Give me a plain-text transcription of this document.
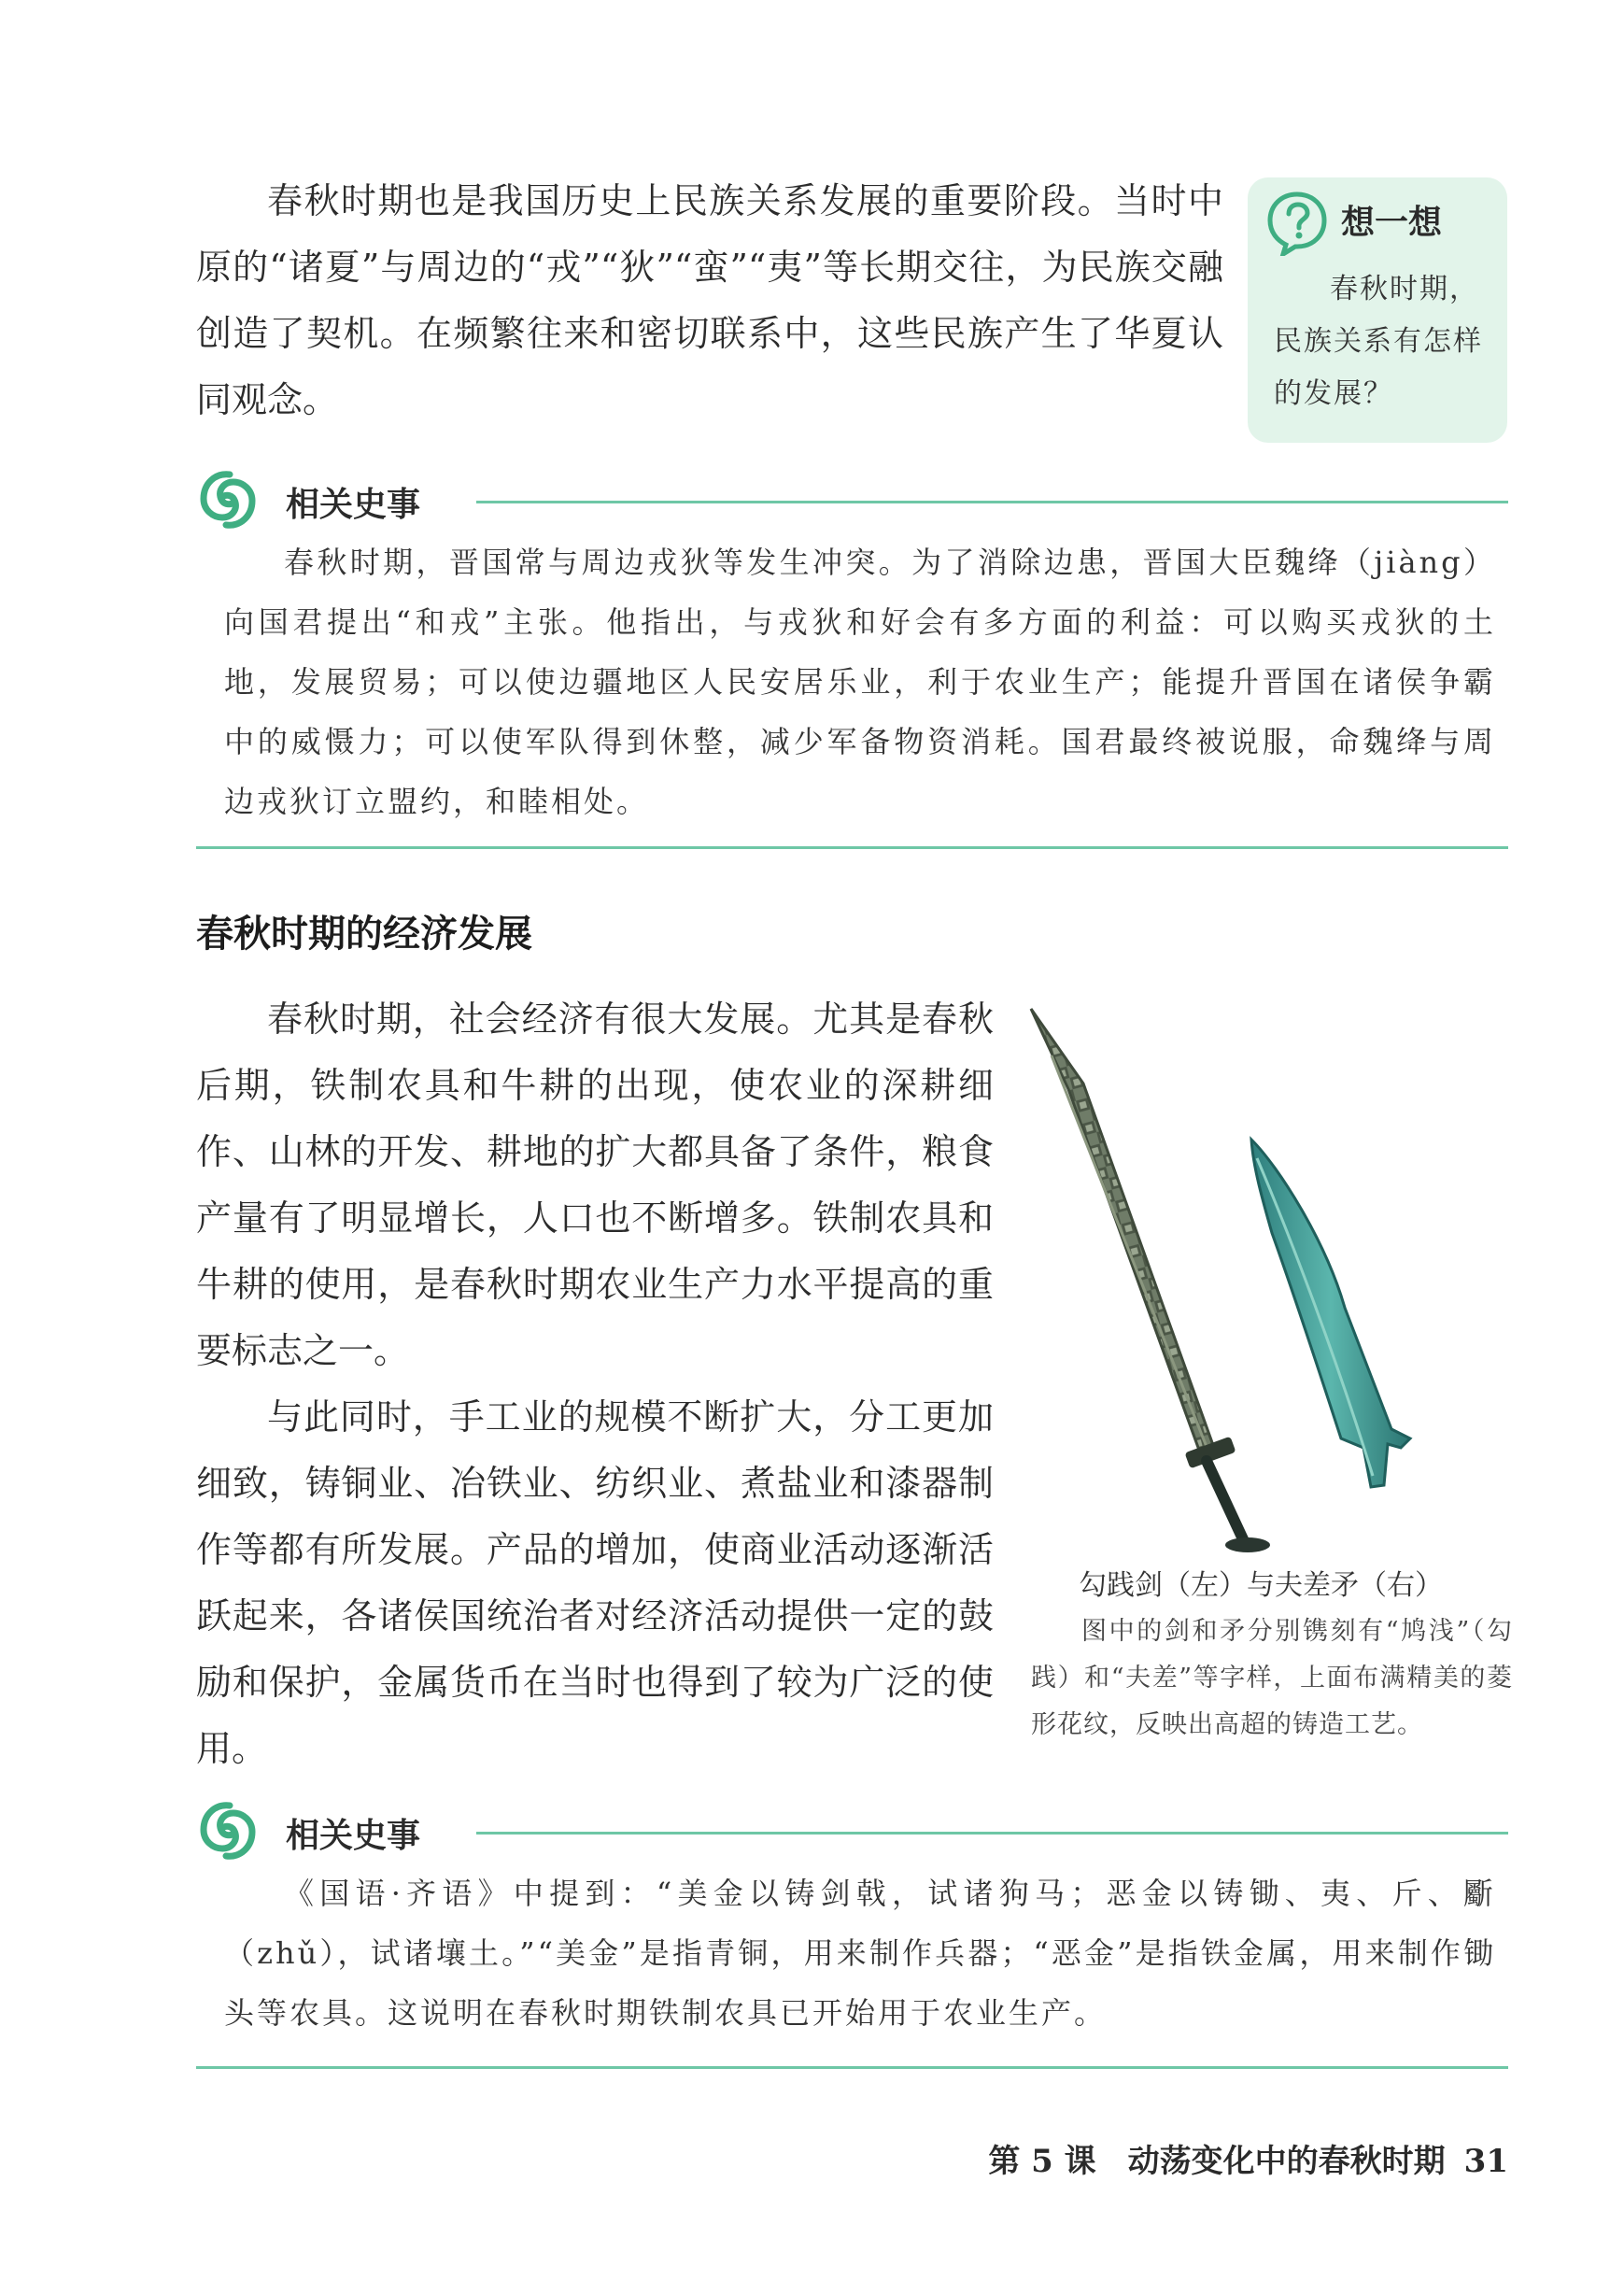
春秋时期也是我国历史上民族关系发展的重要阶段。当时中原的“诸夏”与周边的“戎”“狄”“蛮”“夷”等长期交往，为民族交融创造了契机。在频繁往来和密切联系中，这些民族产生了华夏认同观念。

想一想

春秋时期，民族关系有怎样的发展？

相关史事

春秋时期，晋国常与周边戎狄等发生冲突。为了消除边患，晋国大臣魏绛（jiàng）向国君提出“和戎”主张。他指出，与戎狄和好会有多方面的利益：可以购买戎狄的土地，发展贸易；可以使边疆地区人民安居乐业，利于农业生产；能提升晋国在诸侯争霸中的威慑力；可以使军队得到休整，减少军备物资消耗。国君最终被说服，命魏绛与周边戎狄订立盟约，和睦相处。

春秋时期的经济发展

春秋时期，社会经济有很大发展。尤其是春秋后期，铁制农具和牛耕的出现，使农业的深耕细作、山林的开发、耕地的扩大都具备了条件，粮食产量有了明显增长，人口也不断增多。铁制农具和牛耕的使用，是春秋时期农业生产力水平提高的重要标志之一。

与此同时，手工业的规模不断扩大，分工更加细致，铸铜业、冶铁业、纺织业、煮盐业和漆器制作等都有所发展。产品的增加，使商业活动逐渐活跃起来，各诸侯国统治者对经济活动提供一定的鼓励和保护，金属货币在当时也得到了较为广泛的使用。

勾践剑（左）与夫差矛（右）

图中的剑和矛分别镌刻有“鸠浅”（勾践）和“夫差”等字样，上面布满精美的菱形花纹，反映出高超的铸造工艺。

相关史事

《国语·齐语》中提到：“美金以铸剑戟，试诸狗马；恶金以铸锄、夷、斤、斸（zhǔ），试诸壤土。”“美金”是指青铜，用来制作兵器；“恶金”是指铁金属，用来制作锄头等农具。这说明在春秋时期铁制农具已开始用于农业生产。

第 5 课　动荡变化中的春秋时期 31
